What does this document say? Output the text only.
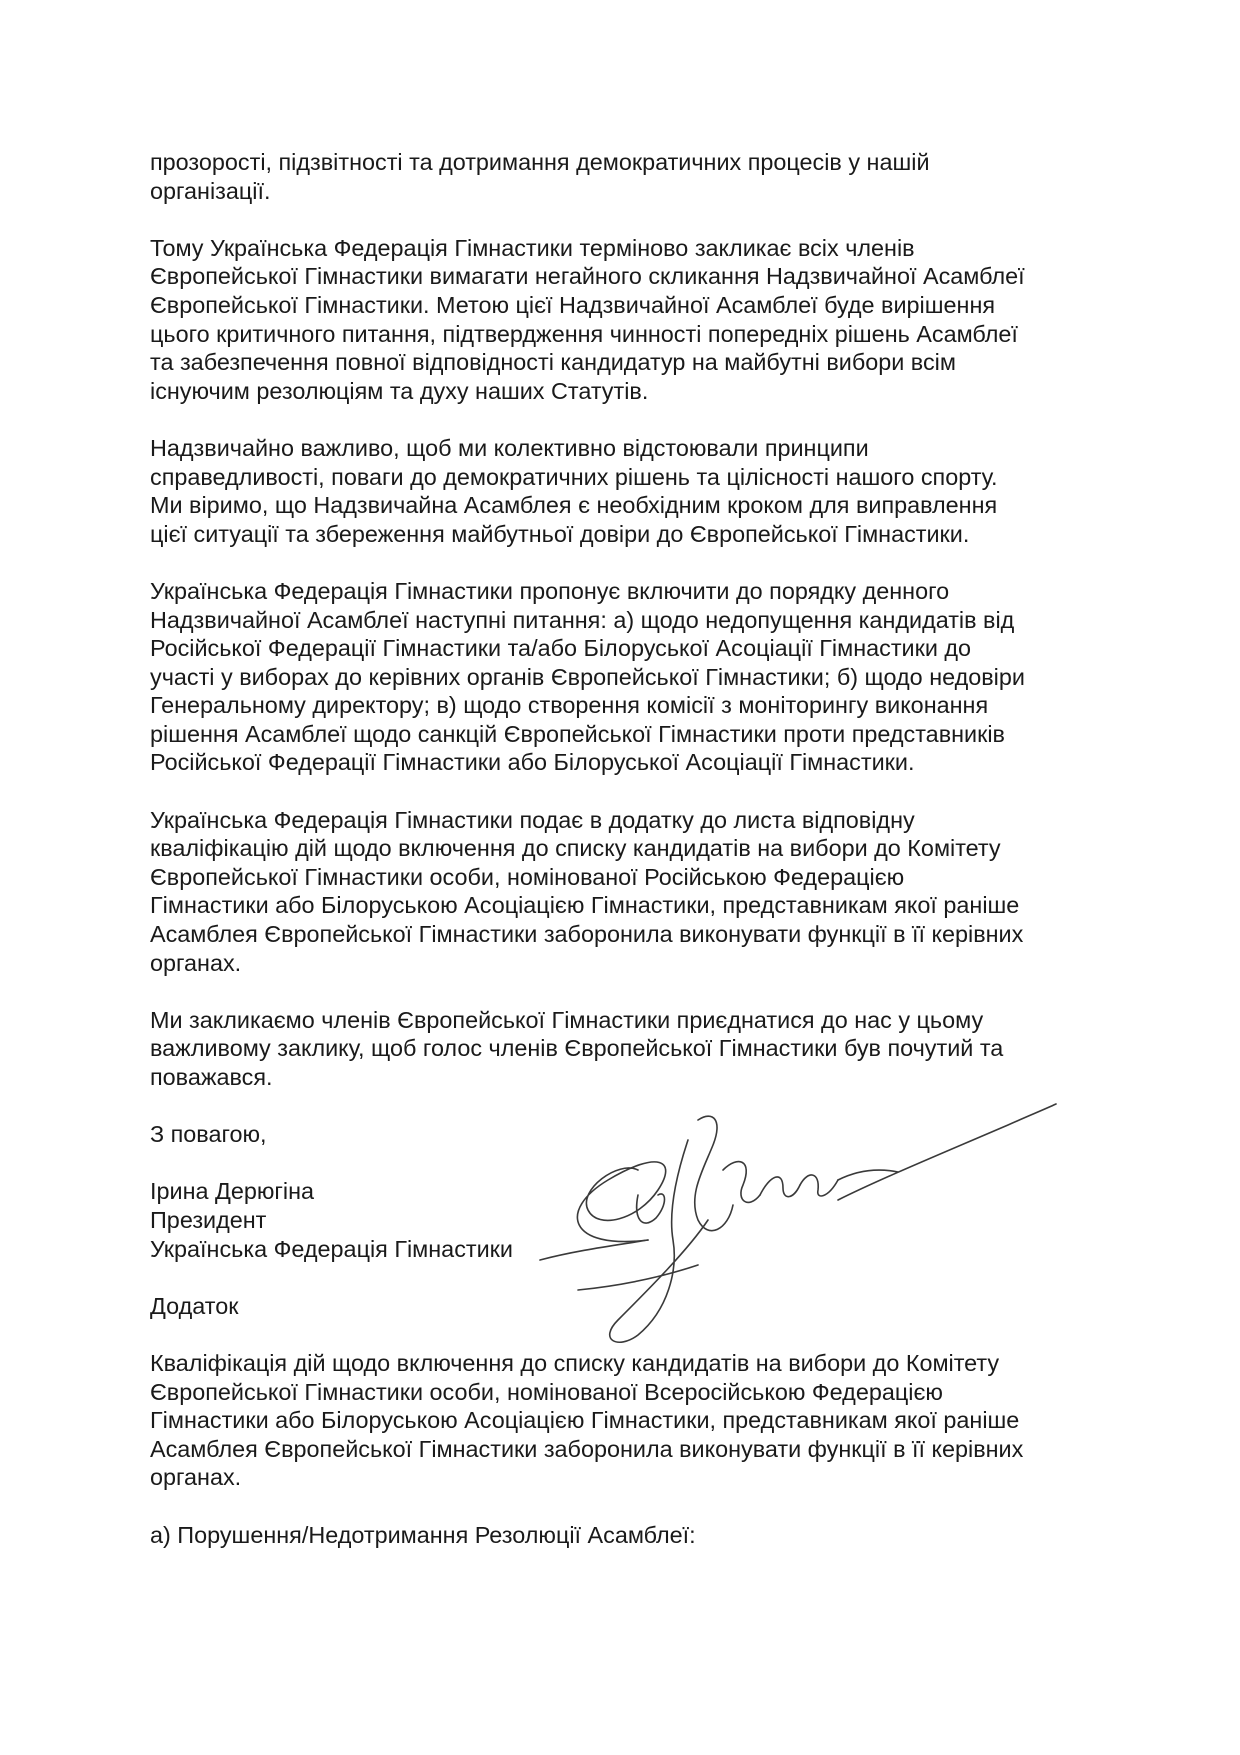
прозорості, підзвітності та дотримання демократичних процесів у нашій
організації.

Тому Українська Федерація Гімнастики терміново закликає всіх членів
Європейської Гімнастики вимагати негайного скликання Надзвичайної Асамблеї
Європейської Гімнастики. Метою цієї Надзвичайної Асамблеї буде вирішення
цього критичного питання, підтвердження чинності попередніх рішень Асамблеї
та забезпечення повної відповідності кандидатур на майбутні вибори всім
існуючим резолюціям та духу наших Статутів.

Надзвичайно важливо, щоб ми колективно відстоювали принципи
справедливості, поваги до демократичних рішень та цілісності нашого спорту.
Ми віримо, що Надзвичайна Асамблея є необхідним кроком для виправлення
цієї ситуації та збереження майбутньої довіри до Європейської Гімнастики.

Українська Федерація Гімнастики пропонує включити до порядку денного
Надзвичайної Асамблеї наступні питання: а) щодо недопущення кандидатів від
Російської Федерації Гімнастики та/або Білоруської Асоціації Гімнастики до
участі у виборах до керівних органів Європейської Гімнастики; б) щодо недовіри
Генеральному директору; в) щодо створення комісії з моніторингу виконання
рішення Асамблеї щодо санкцій Європейської Гімнастики проти представників
Російської Федерації Гімнастики або Білоруської Асоціації Гімнастики.

Українська Федерація Гімнастики подає в додатку до листа відповідну
кваліфікацію дій щодо включення до списку кандидатів на вибори до Комітету
Європейської Гімнастики особи, номінованої Російською Федерацією
Гімнастики або Білоруською Асоціацією Гімнастики, представникам якої раніше
Асамблея Європейської Гімнастики заборонила виконувати функції в її керівних
органах.

Ми закликаємо членів Європейської Гімнастики приєднатися до нас у цьому
важливому заклику, щоб голос членів Європейської Гімнастики був почутий та
поважався.

З повагою,

Ірина Дерюгіна

Президент

Українська Федерація Гімнастики

Додаток

Кваліфікація дій щодо включення до списку кандидатів на вибори до Комітету
Європейської Гімнастики особи, номінованої Всеросійською Федерацією
Гімнастики або Білоруською Асоціацією Гімнастики, представникам якої раніше
Асамблея Європейської Гімнастики заборонила виконувати функції в її керівних
органах.

а) Порушення/Недотримання Резолюції Асамблеї:
